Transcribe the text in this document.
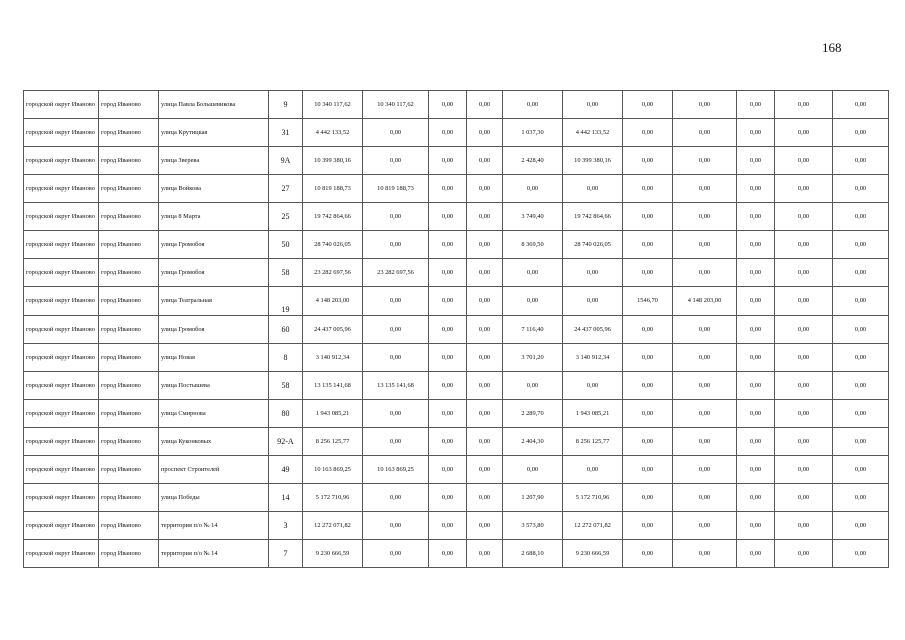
168
городской округ Иваново	город Иваново	улица Павла Большевикова	9	10 340 117,62	10 340 117,62	0,00	0,00	0,00	0,00	0,00	0,00	0,00	0,00	0,00
городской округ Иваново	город Иваново	улица Крутицкая	31	4 442 133,52	0,00	0,00	0,00	1 037,30	4 442 133,52	0,00	0,00	0,00	0,00	0,00
городской округ Иваново	город Иваново	улица Зверева	9А	10 399 380,16	0,00	0,00	0,00	2 428,40	10 399 380,16	0,00	0,00	0,00	0,00	0,00
городской округ Иваново	город Иваново	улица Войкова	27	10 819 188,73	10 819 188,73	0,00	0,00	0,00	0,00	0,00	0,00	0,00	0,00	0,00
городской округ Иваново	город Иваново	улица 8 Марта	25	19 742 864,66	0,00	0,00	0,00	3 749,40	19 742 864,66	0,00	0,00	0,00	0,00	0,00
городской округ Иваново	город Иваново	улица Громобоя	50	28 740 026,05	0,00	0,00	0,00	8 369,50	28 740 026,05	0,00	0,00	0,00	0,00	0,00
городской округ Иваново	город Иваново	улица Громобоя	58	23 282 697,56	23 282 697,56	0,00	0,00	0,00	0,00	0,00	0,00	0,00	0,00	0,00
городской округ Иваново	город Иваново	улица Театральная	19	4 148 203,00	0,00	0,00	0,00	0,00	0,00	1546,70	4 148 203,00	0,00	0,00	0,00
городской округ Иваново	город Иваново	улица Громобоя	60	24 437 005,96	0,00	0,00	0,00	7 116,40	24 437 005,96	0,00	0,00	0,00	0,00	0,00
городской округ Иваново	город Иваново	улица Новая	8	3 140 912,34	0,00	0,00	0,00	3 701,20	3 140 912,34	0,00	0,00	0,00	0,00	0,00
городской округ Иваново	город Иваново	улица Постышева	58	13 135 141,68	13 135 141,68	0,00	0,00	0,00	0,00	0,00	0,00	0,00	0,00	0,00
городской округ Иваново	город Иваново	улица Смирнова	80	1 943 085,21	0,00	0,00	0,00	2 289,70	1 943 085,21	0,00	0,00	0,00	0,00	0,00
городской округ Иваново	город Иваново	улица Куконковых	92-А	8 256 125,77	0,00	0,00	0,00	2 404,30	8 256 125,77	0,00	0,00	0,00	0,00	0,00
городской округ Иваново	город Иваново	проспект Строителей	49	10 163 869,25	10 163 869,25	0,00	0,00	0,00	0,00	0,00	0,00	0,00	0,00	0,00
городской округ Иваново	город Иваново	улица Победы	14	5 172 710,96	0,00	0,00	0,00	1 207,90	5 172 710,96	0,00	0,00	0,00	0,00	0,00
городской округ Иваново	город Иваново	территория п/о № 14	3	12 272 071,82	0,00	0,00	0,00	3 573,80	12 272 071,82	0,00	0,00	0,00	0,00	0,00
городской округ Иваново	город Иваново	территория п/о № 14	7	9 230 666,59	0,00	0,00	0,00	2 688,10	9 230 666,59	0,00	0,00	0,00	0,00	0,00
